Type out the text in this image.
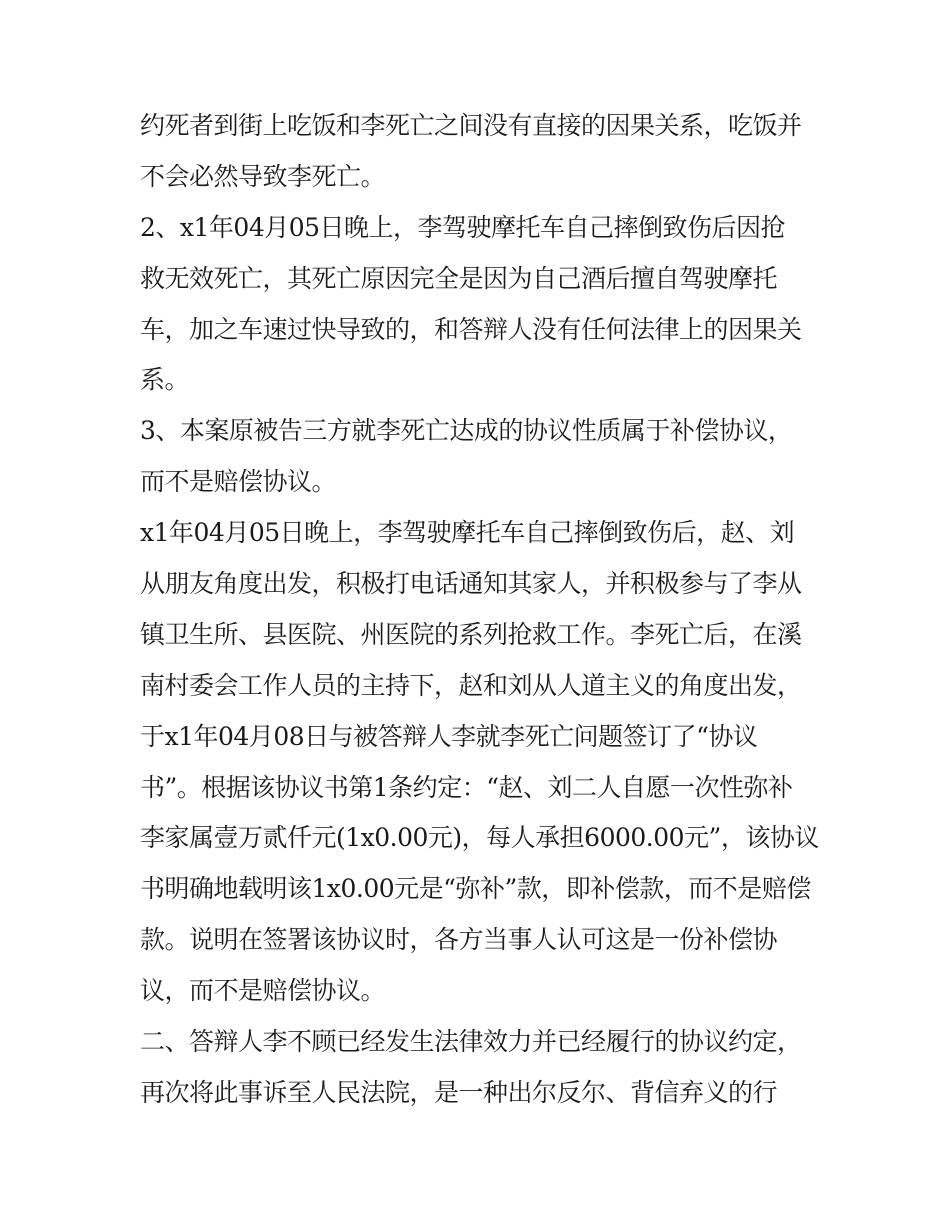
约死者到街上吃饭和李死亡之间没有直接的因果关系，吃饭并
不会必然导致李死亡。
2、x1年04月05日晚上，李驾驶摩托车自己摔倒致伤后因抢
救无效死亡，其死亡原因完全是因为自己酒后擅自驾驶摩托
车，加之车速过快导致的，和答辩人没有任何法律上的因果关
系。
3、本案原被告三方就李死亡达成的协议性质属于补偿协议，
而不是赔偿协议。
x1年04月05日晚上，李驾驶摩托车自己摔倒致伤后，赵、刘
从朋友角度出发，积极打电话通知其家人，并积极参与了李从
镇卫生所、县医院、州医院的系列抢救工作。李死亡后，在溪
南村委会工作人员的主持下，赵和刘从人道主义的角度出发，
于x1年04月08日与被答辩人李就李死亡问题签订了“协议
书”。根据该协议书第1条约定：“赵、刘二人自愿一次性弥补
李家属壹万贰仟元(1x0.00元)，每人承担6000.00元”，该协议
书明确地载明该1x0.00元是“弥补”款，即补偿款，而不是赔偿
款。说明在签署该协议时，各方当事人认可这是一份补偿协
议，而不是赔偿协议。
二、答辩人李不顾已经发生法律效力并已经履行的协议约定，
再次将此事诉至人民法院，是一种出尔反尔、背信弃义的行
